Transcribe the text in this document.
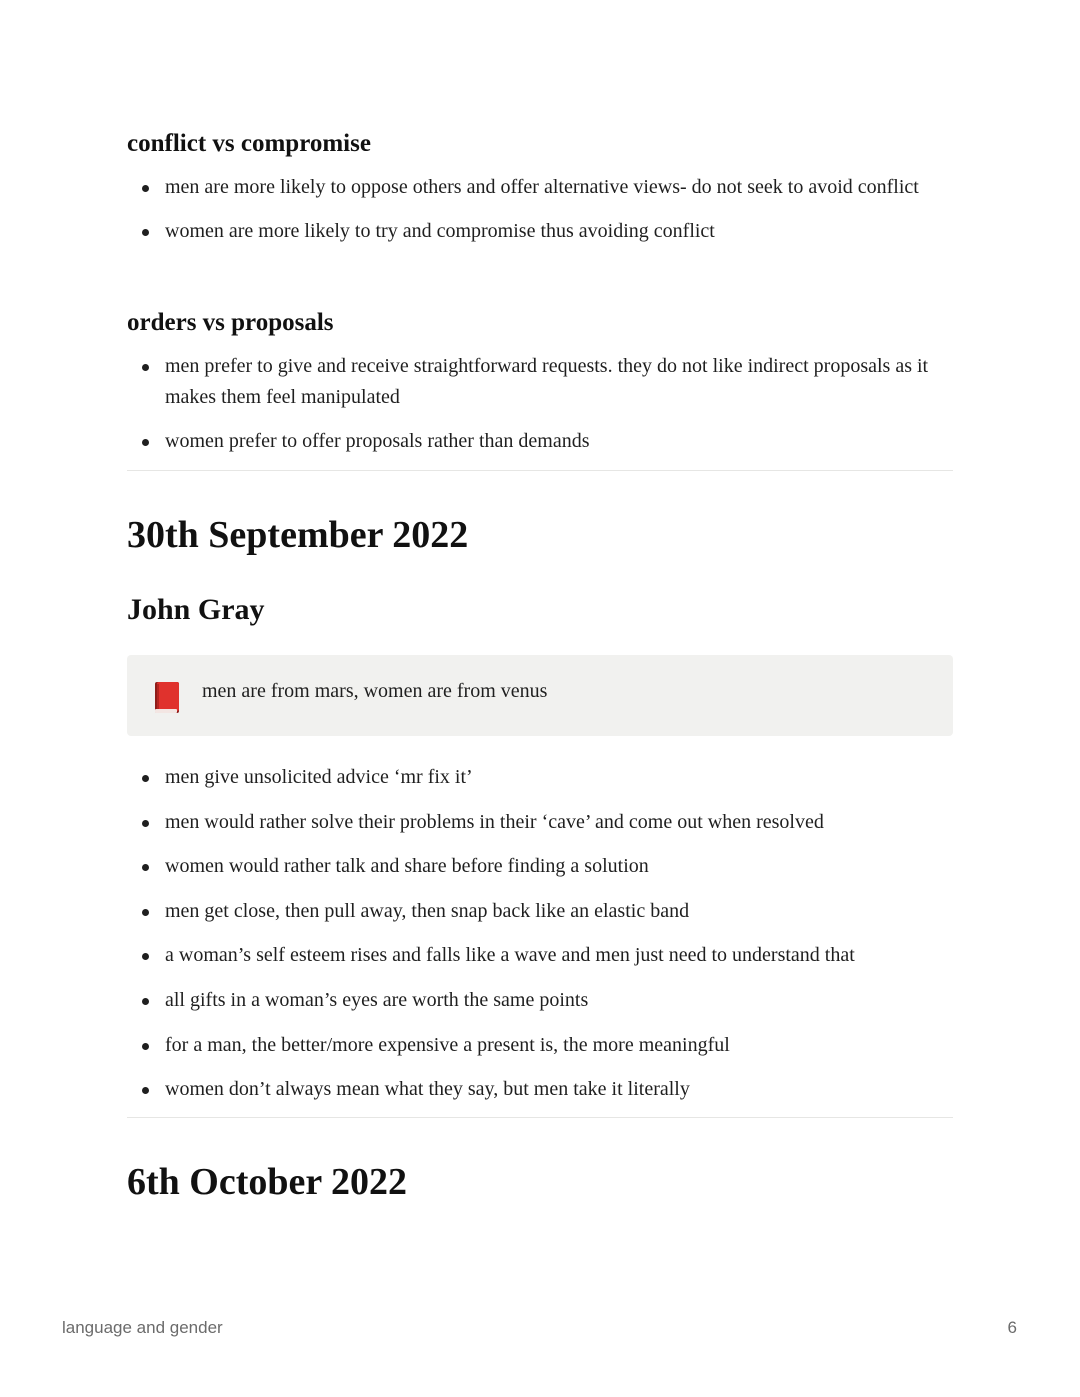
conflict vs compromise
men are more likely to oppose others and offer alternative views- do not seek to avoid conflict
women are more likely to try and compromise thus avoiding conflict
orders vs proposals
men prefer to give and receive straightforward requests. they do not like indirect proposals as it makes them feel manipulated
women prefer to offer proposals rather than demands
30th September 2022
John Gray
men are from mars, women are from venus
men give unsolicited advice ‘mr fix it’
men would rather solve their problems in their ‘cave’ and come out when resolved
women would rather talk and share before finding a solution
men get close, then pull away, then snap back like an elastic band
a woman’s self esteem rises and falls like a wave and men just need to understand that
all gifts in a woman’s eyes are worth the same points
for a man, the better/more expensive a present is, the more meaningful
women don’t always mean what they say, but men take it literally
6th October 2022
language and gender	6
